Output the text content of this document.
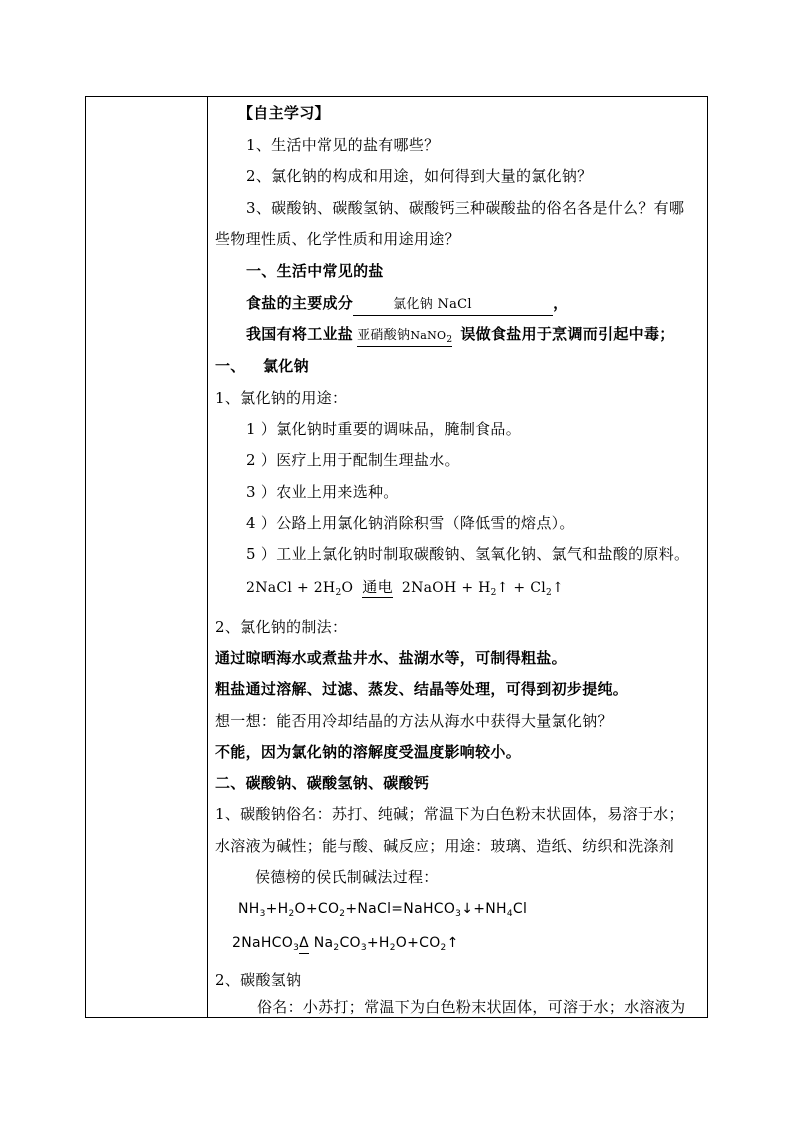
【自主学习】
1、生活中常见的盐有哪些？
2、氯化钠的构成和用途，如何得到大量的氯化钠？
3、碳酸钠、碳酸氢钠、碳酸钙三种碳酸盐的俗名各是什么？有哪
些物理性质、化学性质和用途用途？
一、生活中常见的盐
食盐的主要成分	氯化钠 NaCl	，
我国有将工业盐 亚硝酸钠NaNO$_2$ 误做食盐用于烹调而引起中毒；
一、 氯化钠
1、氯化钠的用途：
1 ）氯化钠时重要的调味品，腌制食品。
2 ）医疗上用于配制生理盐水。
3 ）农业上用来选种。
4 ）公路上用氯化钠消除积雪（降低雪的熔点）。
5 ）工业上氯化钠时制取碳酸钠、氢氧化钠、氯气和盐酸的原料。
2NaCl + $2H_2O$ 通电 2NaOH + $H_2↑$ + $Cl_2↑$
2、氯化钠的制法：
通过晾晒海水或煮盐井水、盐湖水等，可制得粗盐。
粗盐通过溶解、过滤、蒸发、结晶等处理，可得到初步提纯。
想一想：能否用冷却结晶的方法从海水中获得大量氯化钠？
不能，因为氯化钠的溶解度受温度影响较小。
二、碳酸钠、碳酸氢钠、碳酸钙
1、碳酸钠俗名：苏打、纯碱；常温下为白色粉末状固体，易溶于水；
水溶液为碱性；能与酸、碱反应；用途：玻璃、造纸、纺织和洗涤剂
侯德榜的侯氏制碱法过程：
$NH_3+H_2O+CO_2+NaCl=NaHCO_3↓+NH_4Cl$
2NaHCO$_3$Δ $Na_2CO_3+H_2O+CO_2↑$
2、碳酸氢钠
俗名：小苏打；常温下为白色粉末状固体，可溶于水；水溶液为
